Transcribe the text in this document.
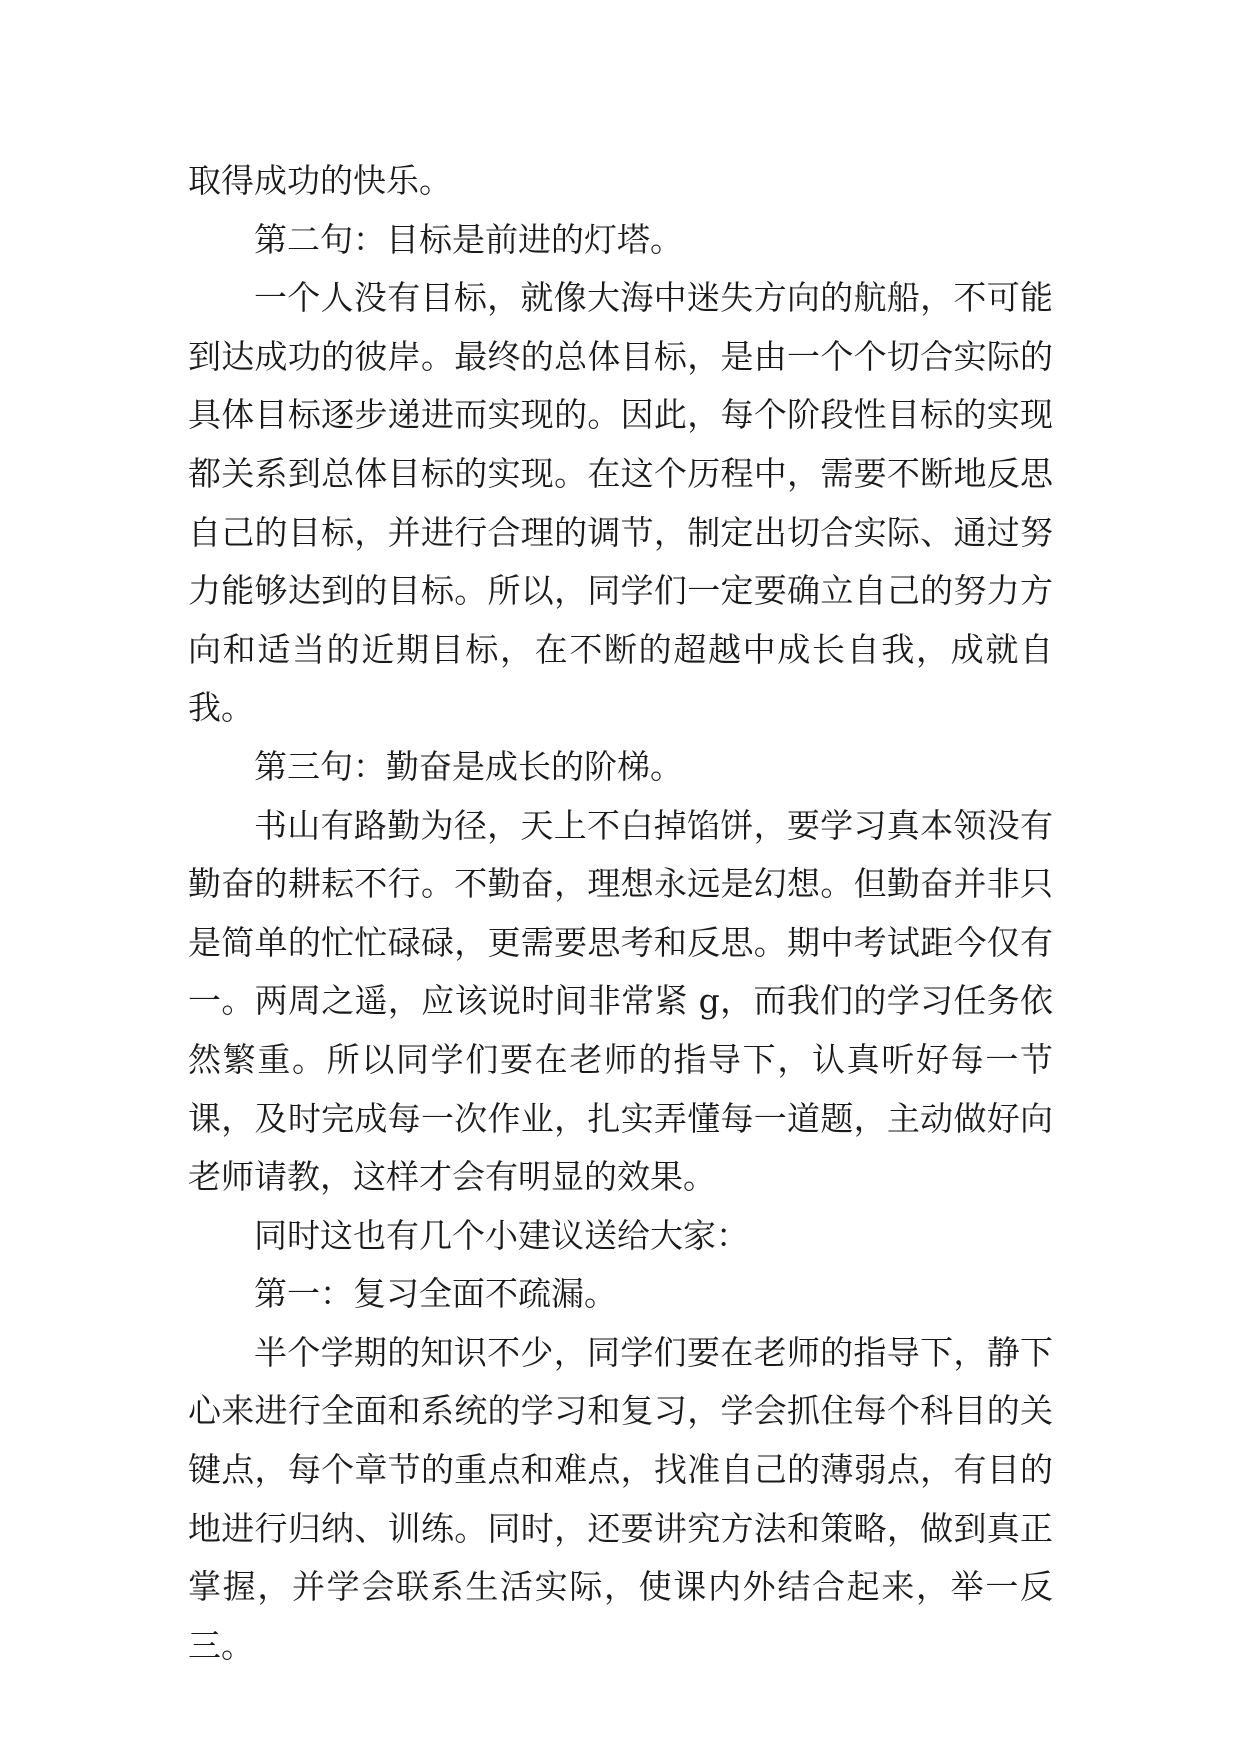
取得成功的快乐。

第二句：目标是前进的灯塔。

一个人没有目标，就像大海中迷失方向的航船，不可能到达成功的彼岸。最终的总体目标，是由一个个切合实际的具体目标逐步递进而实现的。因此，每个阶段性目标的实现都关系到总体目标的实现。在这个历程中，需要不断地反思自己的目标，并进行合理的调节，制定出切合实际、通过努力能够达到的目标。所以，同学们一定要确立自己的努力方向和适当的近期目标，在不断的超越中成长自我，成就自我。

第三句：勤奋是成长的阶梯。

书山有路勤为径，天上不白掉馅饼，要学习真本领没有勤奋的耕耘不行。不勤奋，理想永远是幻想。但勤奋并非只是简单的忙忙碌碌，更需要思考和反思。期中考试距今仅有一。两周之遥，应该说时间非常紧 g，而我们的学习任务依然繁重。所以同学们要在老师的指导下，认真听好每一节课，及时完成每一次作业，扎实弄懂每一道题，主动做好向老师请教，这样才会有明显的效果。

同时这也有几个小建议送给大家：

第一：复习全面不疏漏。

半个学期的知识不少，同学们要在老师的指导下，静下心来进行全面和系统的学习和复习，学会抓住每个科目的关键点，每个章节的重点和难点，找准自己的薄弱点，有目的地进行归纳、训练。同时，还要讲究方法和策略，做到真正掌握，并学会联系生活实际，使课内外结合起来，举一反三。
